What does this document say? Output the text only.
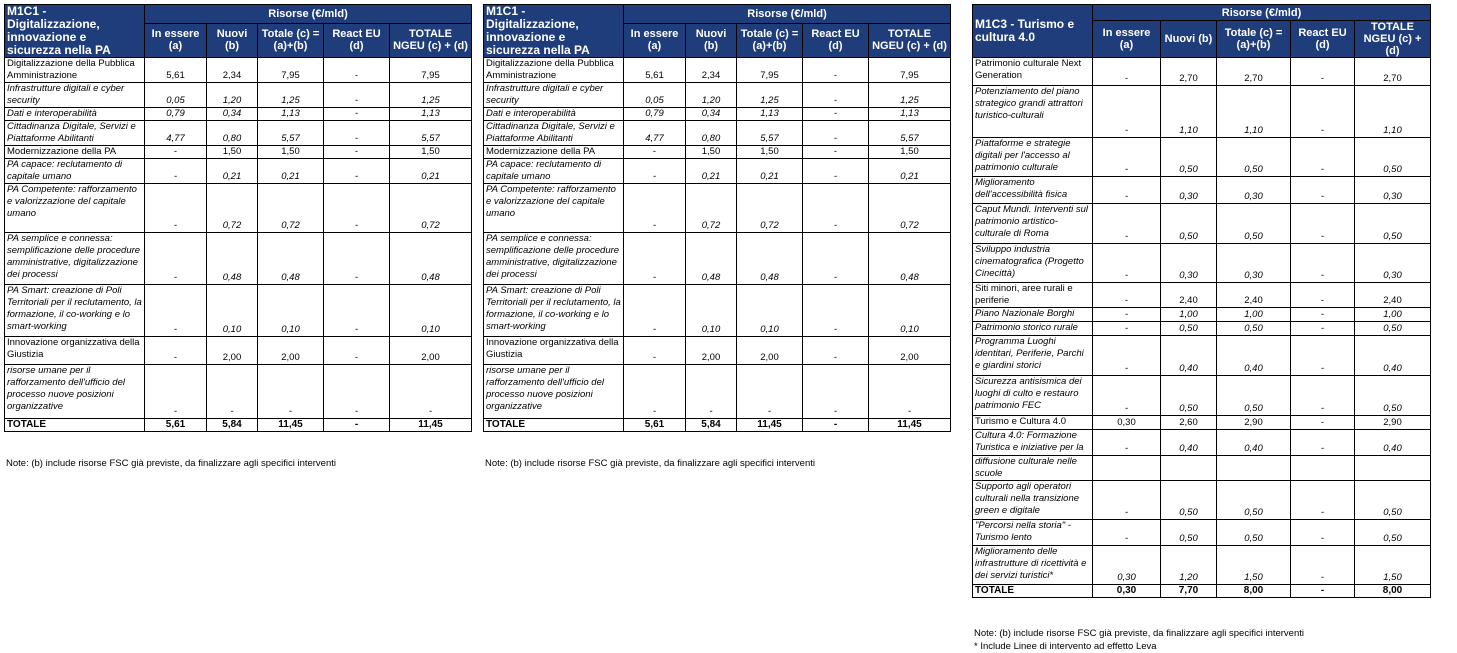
M1C1 - Digitalizzazione, innovazione e sicurezza nella PA	Risorse (€/mld)				
	In essere (a)	Nuovi (b)	Totale (c) = (a)+(b)	React EU (d)	TOTALE NGEU (c) + (d)
Digitalizzazione della Pubblica Amministrazione	5,61	2,34	7,95	-	7,95
Infrastrutture digitali e cyber security	0,05	1,20	1,25	-	1,25
Dati e interoperabilità	0,79	0,34	1,13	-	1,13
Cittadinanza Digitale, Servizi e Piattaforme Abilitanti	4,77	0,80	5,57	-	5,57
Modernizzazione della PA	-	1,50	1,50	-	1,50
PA capace: reclutamento di capitale umano	-	0,21	0,21	-	0,21
PA Competente: rafforzamento e valorizzazione del capitale umano	-	0,72	0,72	-	0,72
PA semplice e connessa: semplificazione delle procedure amministrative, digitalizzazione dei processi	-	0,48	0,48	-	0,48
PA Smart: creazione di Poli Territoriali per il reclutamento, la formazione, il co-working e lo smart-working	-	0,10	0,10	-	0,10
Innovazione organizzativa della Giustizia	-	2,00	2,00	-	2,00
risorse umane per il rafforzamento dell'ufficio del processo nuove posizioni organizzative	-	-	-	-	-
TOTALE	5,61	5,84	11,45	-	11,45
Note: (b) include risorse FSC già previste, da finalizzare agli specifici interventi
M1C1 - Digitalizzazione, innovazione e sicurezza nella PA	Risorse (€/mld)				
	In essere (a)	Nuovi (b)	Totale (c) = (a)+(b)	React EU (d)	TOTALE NGEU (c) + (d)
Digitalizzazione della Pubblica Amministrazione	5,61	2,34	7,95	-	7,95
Infrastrutture digitali e cyber security	0,05	1,20	1,25	-	1,25
Dati e interoperabilità	0,79	0,34	1,13	-	1,13
Cittadinanza Digitale, Servizi e Piattaforme Abilitanti	4,77	0,80	5,57	-	5,57
Modernizzazione della PA	-	1,50	1,50	-	1,50
PA capace: reclutamento di capitale umano	-	0,21	0,21	-	0,21
PA Competente: rafforzamento e valorizzazione del capitale umano	-	0,72	0,72	-	0,72
PA semplice e connessa: semplificazione delle procedure amministrative, digitalizzazione dei processi	-	0,48	0,48	-	0,48
PA Smart: creazione di Poli Territoriali per il reclutamento, la formazione, il co-working e lo smart-working	-	0,10	0,10	-	0,10
Innovazione organizzativa della Giustizia	-	2,00	2,00	-	2,00
risorse umane per il rafforzamento dell'ufficio del processo nuove posizioni organizzative	-	-	-	-	-
TOTALE	5,61	5,84	11,45	-	11,45
Note: (b) include risorse FSC già previste, da finalizzare agli specifici interventi
M1C3 - Turismo e cultura 4.0	Risorse (€/mld)				
	In essere (a)	Nuovi (b)	Totale (c) = (a)+(b)	React EU (d)	TOTALE NGEU (c) + (d)
Patrimonio culturale Next Generation	-	2,70	2,70	-	2,70
Potenziamento del piano strategico grandi attrattori turistico-culturali	-	1,10	1,10	-	1,10
Piattaforme e strategie digitali per l'accesso al patrimonio culturale	-	0,50	0,50	-	0,50
Miglioramento dell'accessibilità fisica	-	0,30	0,30	-	0,30
Caput Mundi. Interventi sul patrimonio artistico-culturale di Roma	-	0,50	0,50	-	0,50
Sviluppo industria cinematografica (Progetto Cinecittà)	-	0,30	0,30	-	0,30
Siti minori, aree rurali e periferie	-	2,40	2,40	-	2,40
Piano Nazionale Borghi	-	1,00	1,00	-	1,00
Patrimonio storico rurale	-	0,50	0,50	-	0,50
Programma Luoghi identitari, Periferie, Parchi e giardini storici	-	0,40	0,40	-	0,40
Sicurezza antisismica dei luoghi di culto e restauro patrimonio FEC	-	0,50	0,50	-	0,50
Turismo e Cultura 4.0	0,30	2,60	2,90	-	2,90
Cultura 4.0: Formazione Turistica e iniziative per la	-	0,40	0,40	-	0,40
diffusione culturale nelle scuole					
Supporto agli operatori culturali nella transizione green e digitale	-	0,50	0,50	-	0,50
"Percorsi nella storia" - Turismo lento	-	0,50	0,50	-	0,50
Miglioramento delle infrastrutture di ricettività e dei servizi turistici*	0,30	1,20	1,50	-	1,50
TOTALE	0,30	7,70	8,00	-	8,00
Note: (b) include risorse FSC già previste, da finalizzare agli specifici interventi
* Include Linee di intervento ad effetto Leva
